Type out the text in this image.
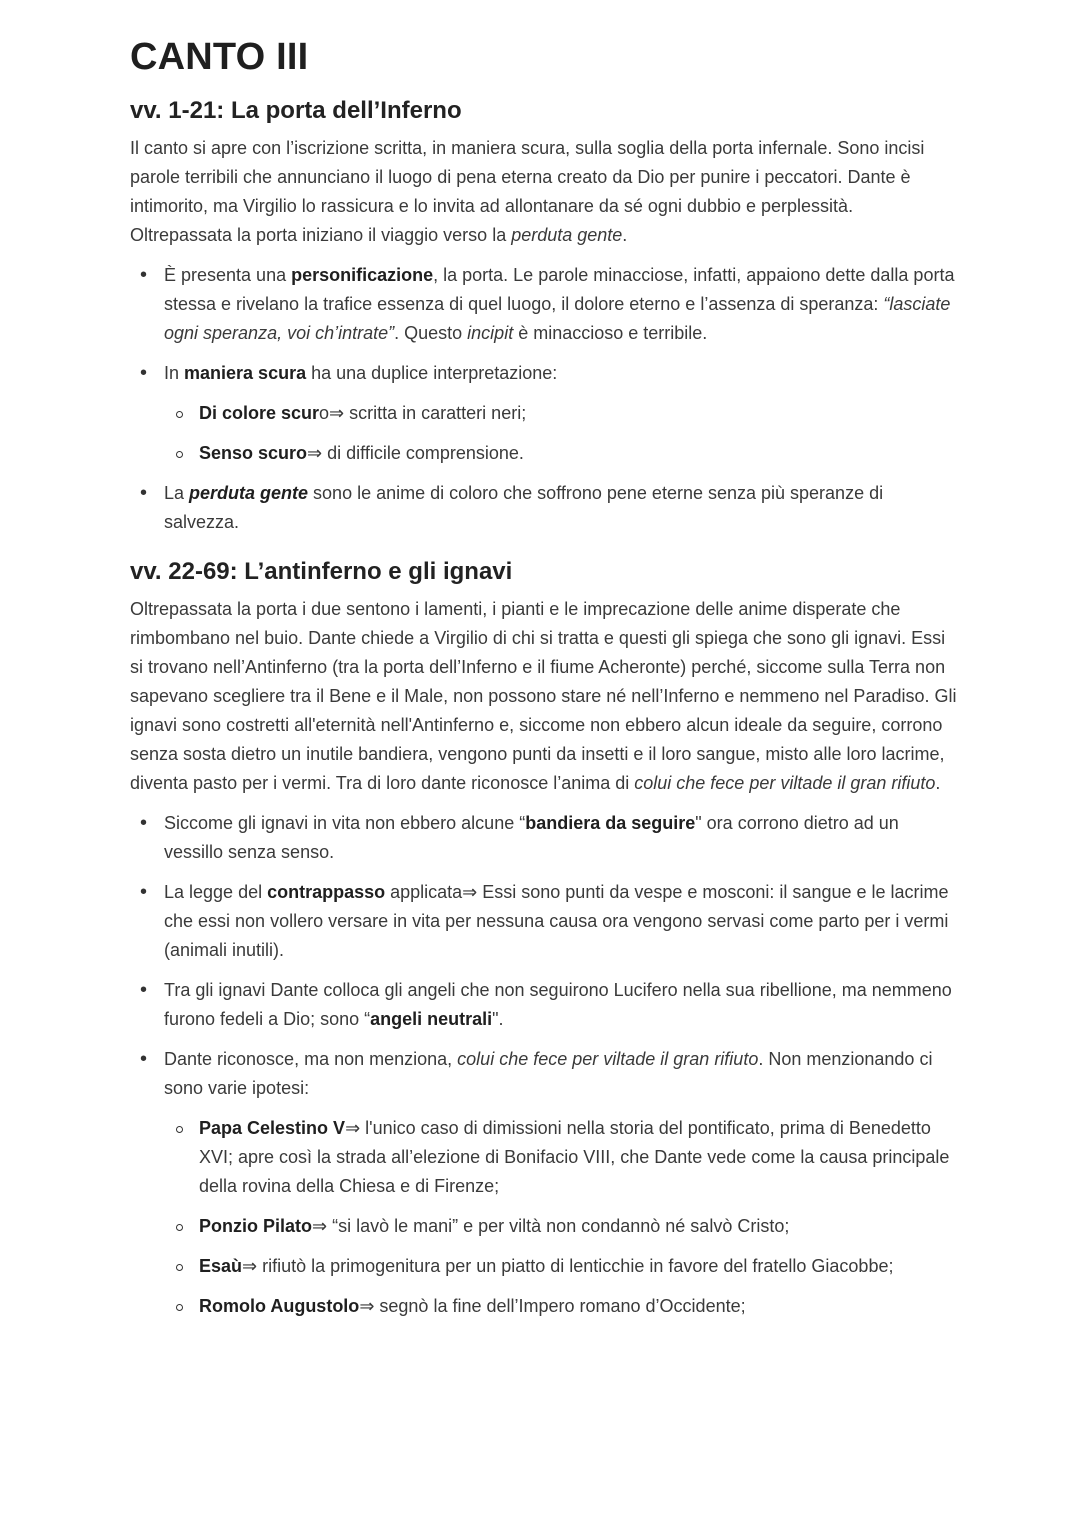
CANTO III
vv. 1-21: La porta dell’Inferno

Il canto si apre con l’iscrizione scritta, in maniera scura, sulla soglia della porta infernale. Sono incisi parole terribili che annunciano il luogo di pena eterna creato da Dio per punire i peccatori. Dante è intimorito, ma Virgilio lo rassicura e lo invita ad allontanare da sé ogni dubbio e perplessità. Oltrepassata la porta iniziano il viaggio verso la perduta gente.

• È presenta una personificazione, la porta. Le parole minacciose, infatti, appaiono dette dalla porta stessa e rivelano la trafice essenza di quel luogo, il dolore eterno e l’assenza di speranza: “lasciate ogni speranza, voi ch’intrate”. Questo incipit è minaccioso e terribile.
• In maniera scura ha una duplice interpretazione:
Di colore scuro⇒ scritta in caratteri neri;
Senso scuro⇒ di difficile comprensione.
• La perduta gente sono le anime di coloro che soffrono pene eterne senza più speranze di salvezza.
vv. 22-69: L’antinferno e gli ignavi

Oltrepassata la porta i due sentono i lamenti, i pianti e le imprecazione delle anime disperate che rimbombano nel buio. Dante chiede a Virgilio di chi si tratta e questi gli spiega che sono gli ignavi. Essi si trovano nell’Antinferno (tra la porta dell’Inferno e il fiume Acheronte) perché, siccome sulla Terra non sapevano scegliere tra il Bene e il Male, non possono stare né nell’Inferno e nemmeno nel Paradiso. Gli ignavi sono costretti all'eternità nell'Antinferno e, siccome non ebbero alcun ideale da seguire, corrono senza sosta dietro un inutile bandiera, vengono punti da insetti e il loro sangue, misto alle loro lacrime, diventa pasto per i vermi. Tra di loro dante riconosce l’anima di colui che fece per viltade il gran rifiuto.

• Siccome gli ignavi in vita non ebbero alcune “bandiera da seguire" ora corrono dietro ad un vessillo senza senso.
• La legge del contrappasso applicata⇒ Essi sono punti da vespe e mosconi: il sangue e le lacrime che essi non vollero versare in vita per nessuna causa ora vengono servasi come parto per i vermi (animali inutili).
• Tra gli ignavi Dante colloca gli angeli che non seguirono Lucifero nella sua ribellione, ma nemmeno furono fedeli a Dio; sono “angeli neutrali".
• Dante riconosce, ma non menziona, colui che fece per viltade il gran rifiuto. Non menzionando ci sono varie ipotesi:
Papa Celestino V⇒ l'unico caso di dimissioni nella storia del pontificato, prima di Benedetto XVI; apre così la strada all’elezione di Bonifacio VIII, che Dante vede come la causa principale della rovina della Chiesa e di Firenze;
Ponzio Pilato⇒ “si lavò le mani” e per viltà non condannò né salvò Cristo;
Esaù⇒ rifiutò la primogenitura per un piatto di lenticchie in favore del fratello Giacobbe;
Romolo Augustolo⇒ segnò la fine dell’Impero romano d’Occidente;
